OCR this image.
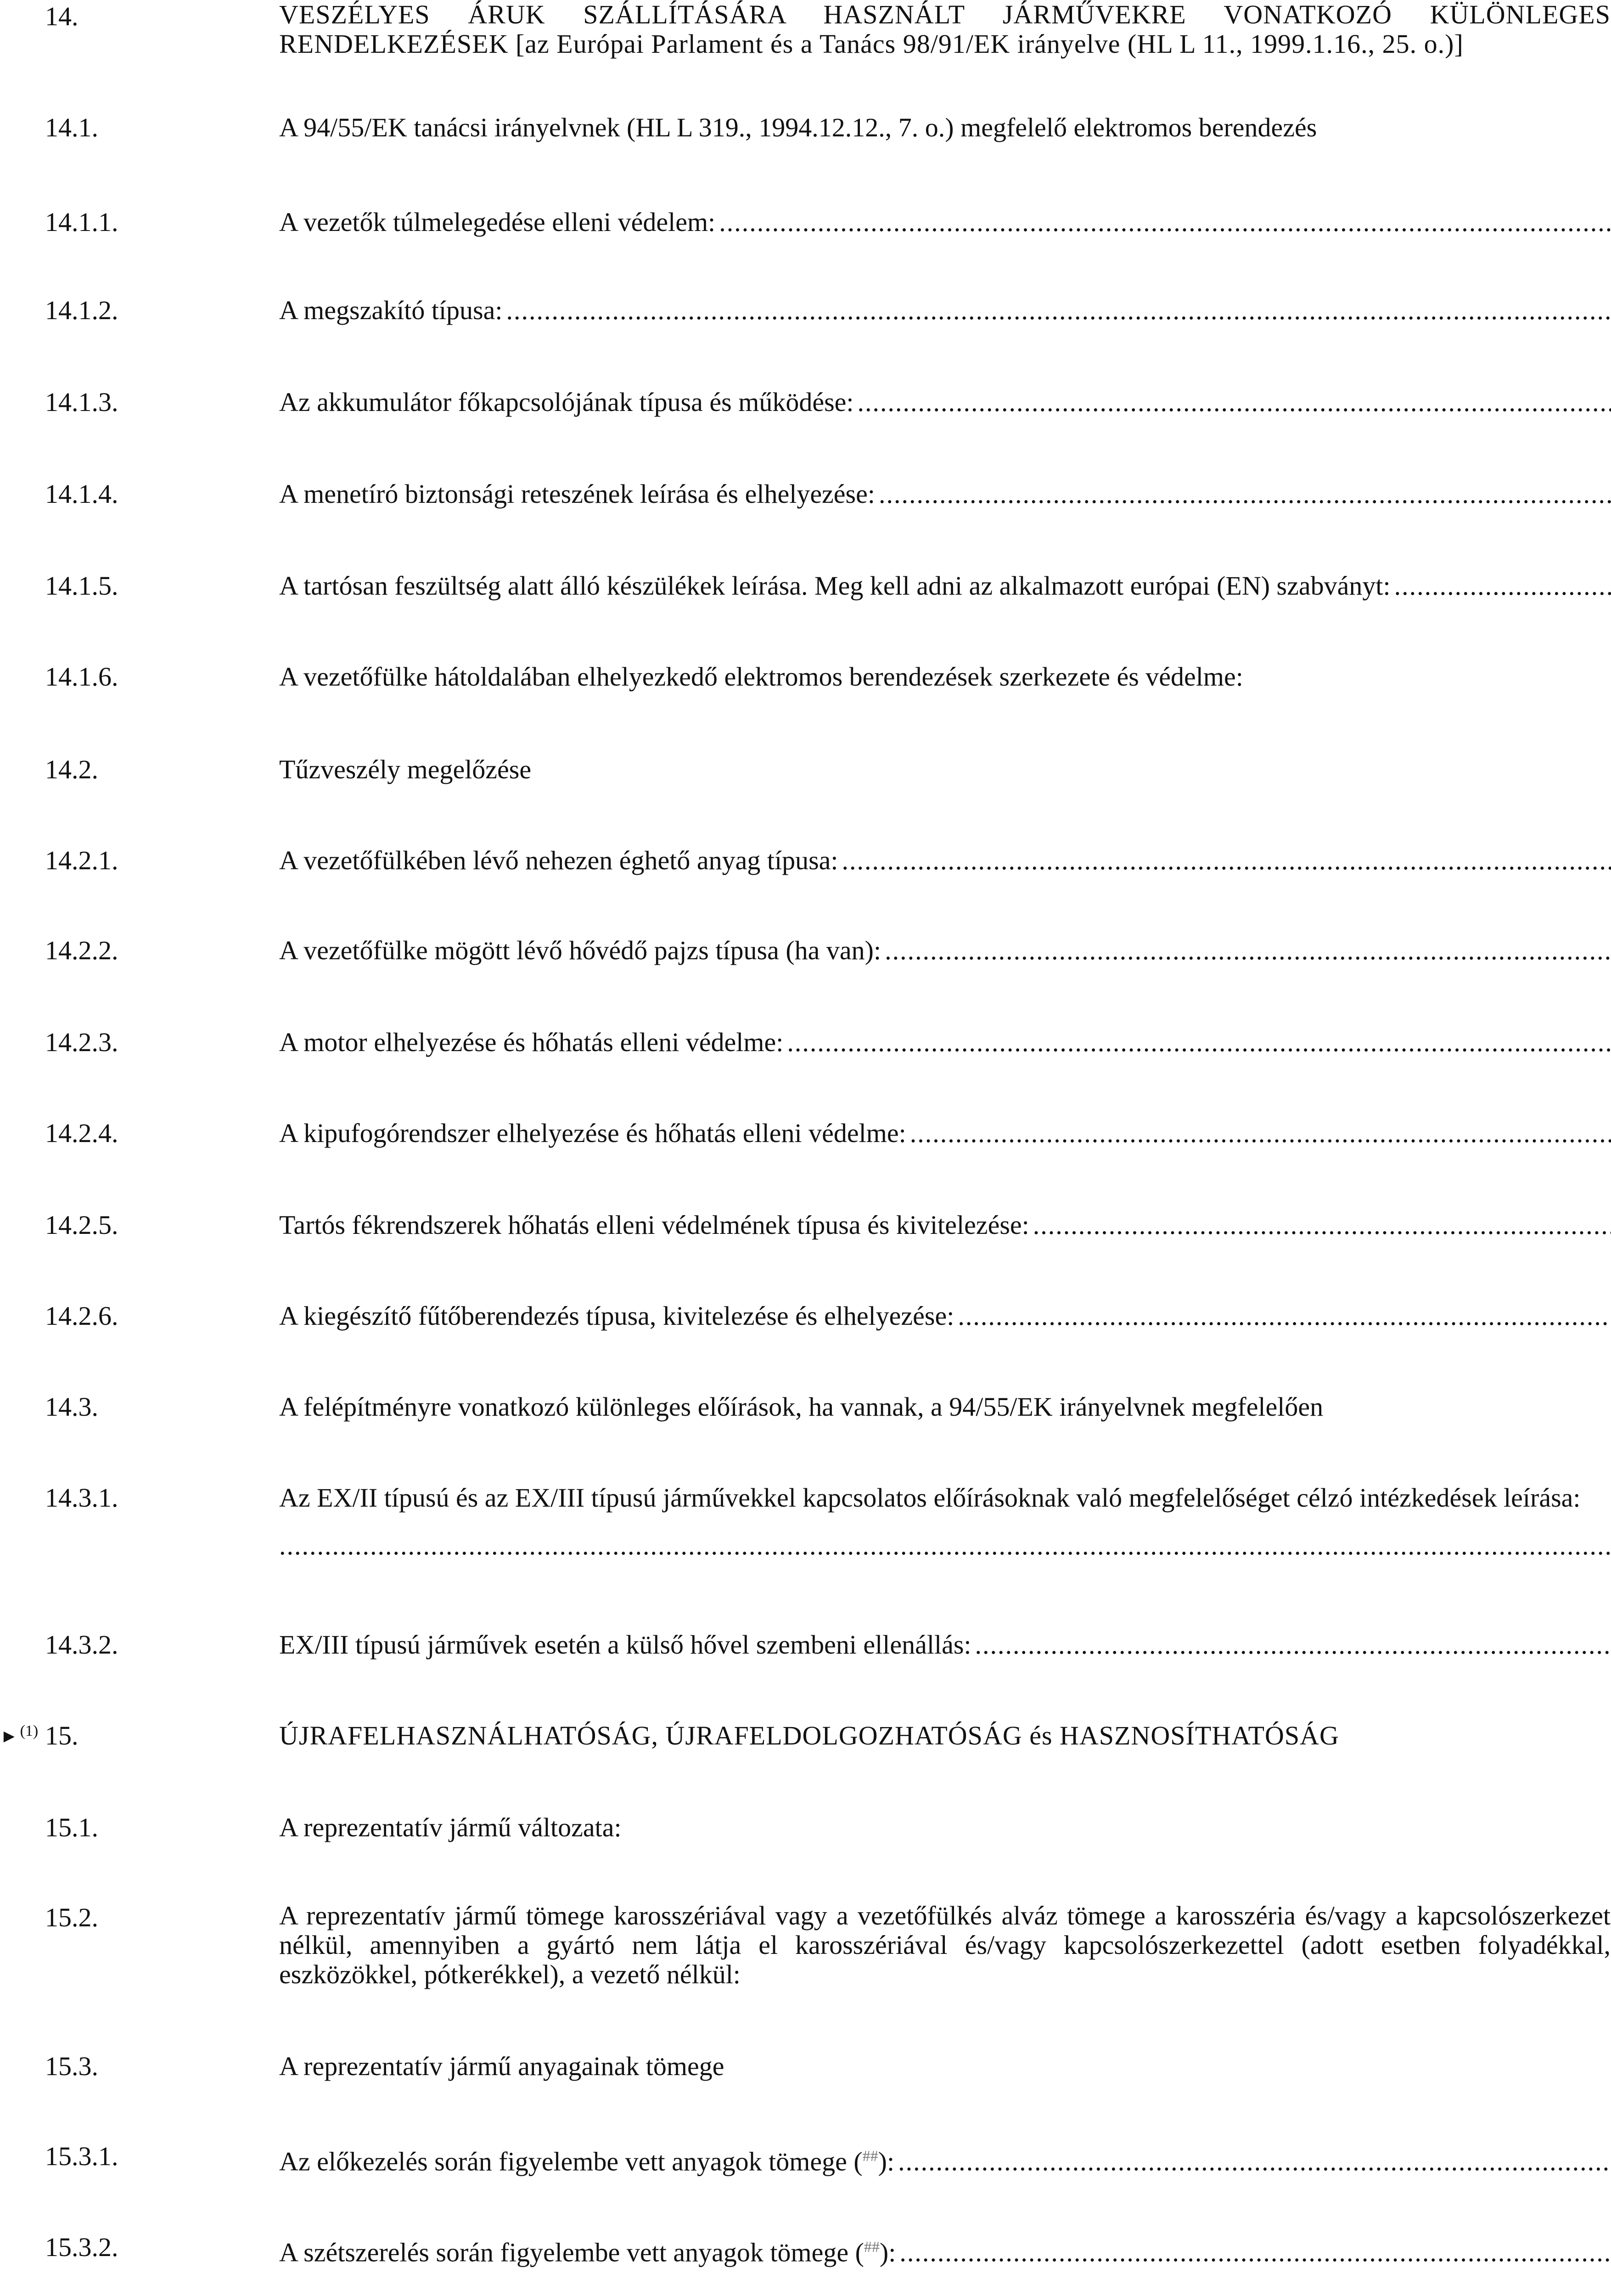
14.	VESZÉLYES ÁRUK SZÁLLÍTÁSÁRA HASZNÁLT JÁRMŰVEKRE VONATKOZÓ KÜLÖNLEGES RENDELKEZÉSEK [az Európai Parlament és a Tanács 98/91/EK irányelve (HL L 11., 1999.1.16., 25. o.)]
14.1.	A 94/55/EK tanácsi irányelvnek (HL L 319., 1994.12.12., 7. o.) megfelelő elektromos berendezés
14.1.1.	A vezetők túlmelegedése elleni védelem:
.....
14.1.2.	A megszakító típusa:
.....
14.1.3.	Az akkumulátor főkapcsolójának típusa és működése:
.....
14.1.4.	A menetíró biztonsági reteszének leírása és elhelyezése:
.....
14.1.5.	A tartósan feszültség alatt álló készülékek leírása. Meg kell adni az alkalmazott európai (EN) szabványt:
.....
14.1.6.	A vezetőfülke hátoldalában elhelyezkedő elektromos berendezések szerkezete és védelme:
14.2.	Tűzveszély megelőzése
14.2.1.	A vezetőfülkében lévő nehezen éghető anyag típusa:
.....
14.2.2.	A vezetőfülke mögött lévő hővédő pajzs típusa (ha van):
.....
14.2.3.	A motor elhelyezése és hőhatás elleni védelme:
.....
14.2.4.	A kipufogórendszer elhelyezése és hőhatás elleni védelme:
.....
14.2.5.	Tartós fékrendszerek hőhatás elleni védelmének típusa és kivitelezése:
.....
14.2.6.	A kiegészítő fűtőberendezés típusa, kivitelezése és elhelyezése:
.....
14.3.	A felépítményre vonatkozó különleges előírások, ha vannak, a 94/55/EK irányelvnek megfelelően
14.3.1.	Az EX/II típusú és az EX/III típusú járművekkel kapcsolatos előírásoknak való megfelelőséget célzó intézkedések leírása:
.....
14.3.2.	EX/III típusú járművek esetén a külső hővel szembeni ellenállás:
.....
► $^{(1)}$ 15.	ÚJRAFELHASZNÁLHATÓSÁG, ÚJRAFELDOLGOZHATÓSÁG és HASZNOSÍTHATÓSÁG
15.1.	A reprezentatív jármű változata:
15.2.	A reprezentatív jármű tömege karosszériával vagy a vezetőfülkés alváz tömege a karosszéria és/vagy a kapcsolószerkezet nélkül, amennyiben a gyártó nem látja el karosszériával és/vagy kapcsolószerkezettel (adott esetben folyadékkal, eszközökkel, pótkerékkel), a vezető nélkül:
15.3.	A reprezentatív jármű anyagainak tömege
15.3.1.	Az előkezelés során figyelembe vett anyagok tömege (##):
.....
15.3.2.	A szétszerelés során figyelembe vett anyagok tömege (##):
.....
